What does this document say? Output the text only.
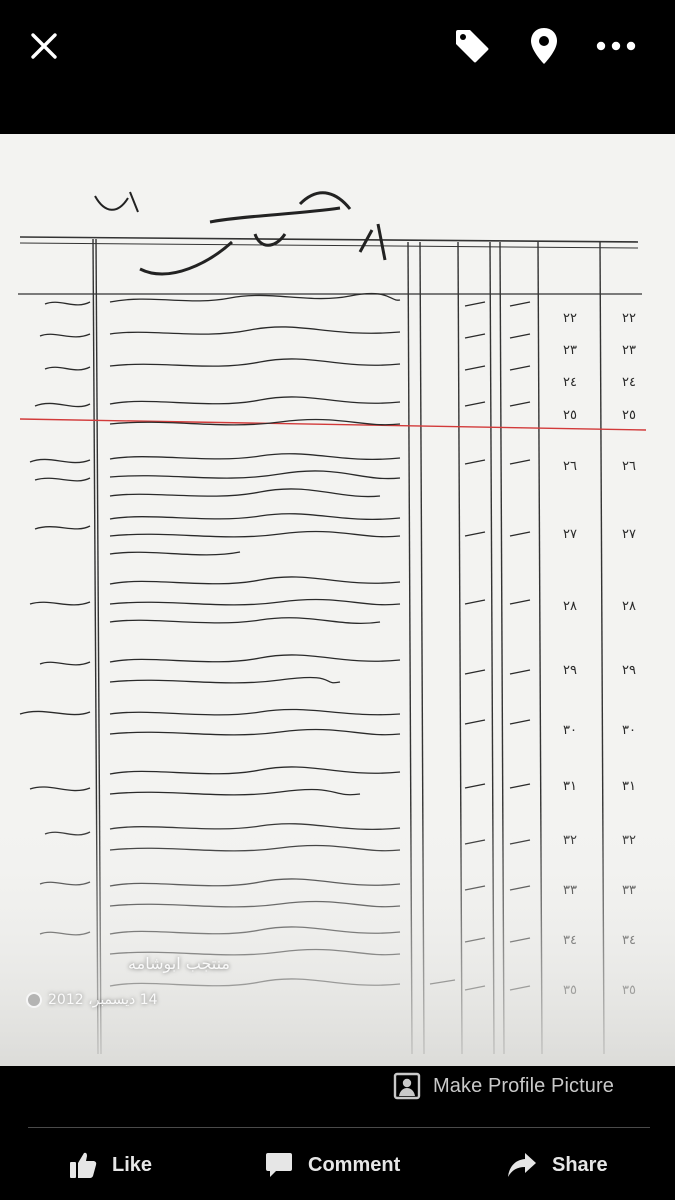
منتجب ابوشامه
14 ديسمبر، 2012
Make Profile Picture
Like	Comment	Share
